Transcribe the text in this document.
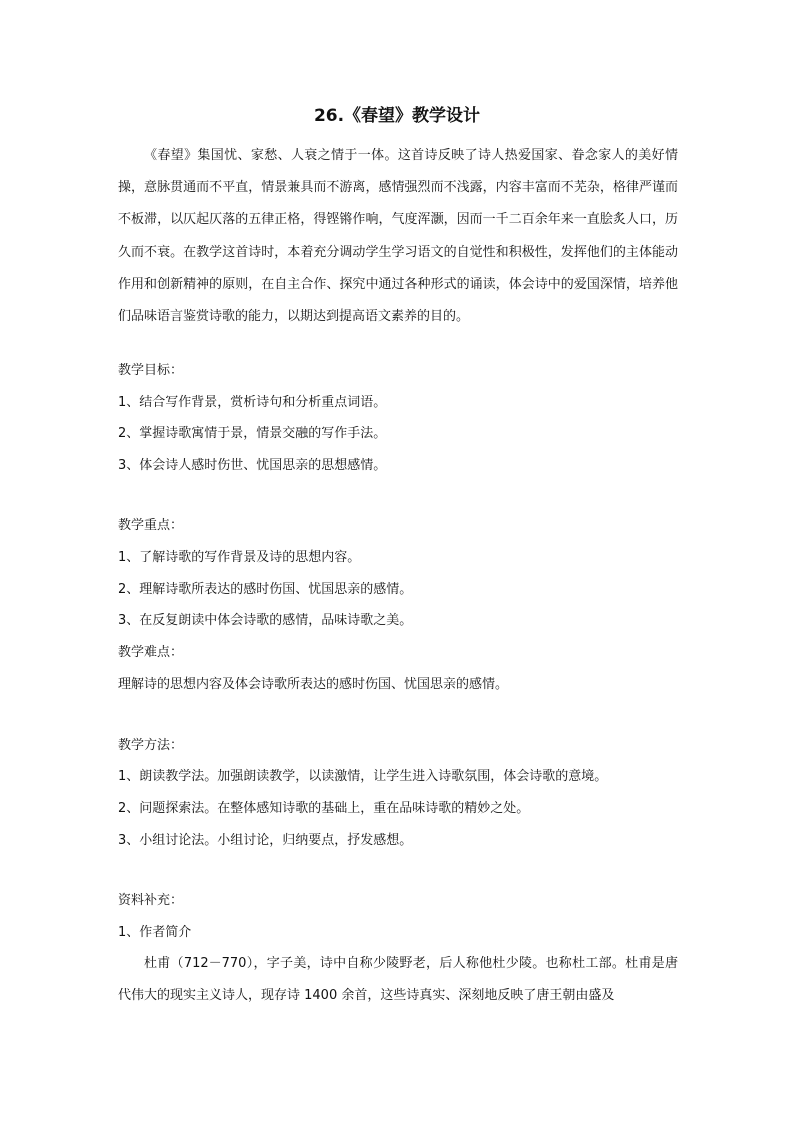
26.《春望》教学设计

《春望》集国忧、家愁、人衰之情于一体。这首诗反映了诗人热爱国家、眷念家人的美好情操，意脉贯通而不平直，情景兼具而不游离，感情强烈而不浅露，内容丰富而不芜杂，格律严谨而不板滞，以仄起仄落的五律正格，得铿锵作响，气度浑灏，因而一千二百余年来一直脍炙人口，历久而不衰。在教学这首诗时，本着充分调动学生学习语文的自觉性和积极性，发挥他们的主体能动作用和创新精神的原则，在自主合作、探究中通过各种形式的诵读，体会诗中的爱国深情，培养他们品味语言鉴赏诗歌的能力，以期达到提高语文素养的目的。

教学目标：
1、结合写作背景，赏析诗句和分析重点词语。
2、掌握诗歌寓情于景，情景交融的写作手法。
3、体会诗人感时伤世、忧国思亲的思想感情。
教学重点：
1、了解诗歌的写作背景及诗的思想内容。
2、理解诗歌所表达的感时伤国、忧国思亲的感情。
3、在反复朗读中体会诗歌的感情，品味诗歌之美。
教学难点：
理解诗的思想内容及体会诗歌所表达的感时伤国、忧国思亲的感情。
教学方法：
1、朗读教学法。加强朗读教学，以读激情，让学生进入诗歌氛围，体会诗歌的意境。
2、问题探索法。在整体感知诗歌的基础上，重在品味诗歌的精妙之处。
3、小组讨论法。小组讨论，归纳要点，抒发感想。
资料补充：
1、作者简介

杜甫（712－770），字子美，诗中自称少陵野老，后人称他杜少陵。也称杜工部。杜甫是唐代伟大的现实主义诗人，现存诗 1400 余首，这些诗真实、深刻地反映了唐王朝由盛及
